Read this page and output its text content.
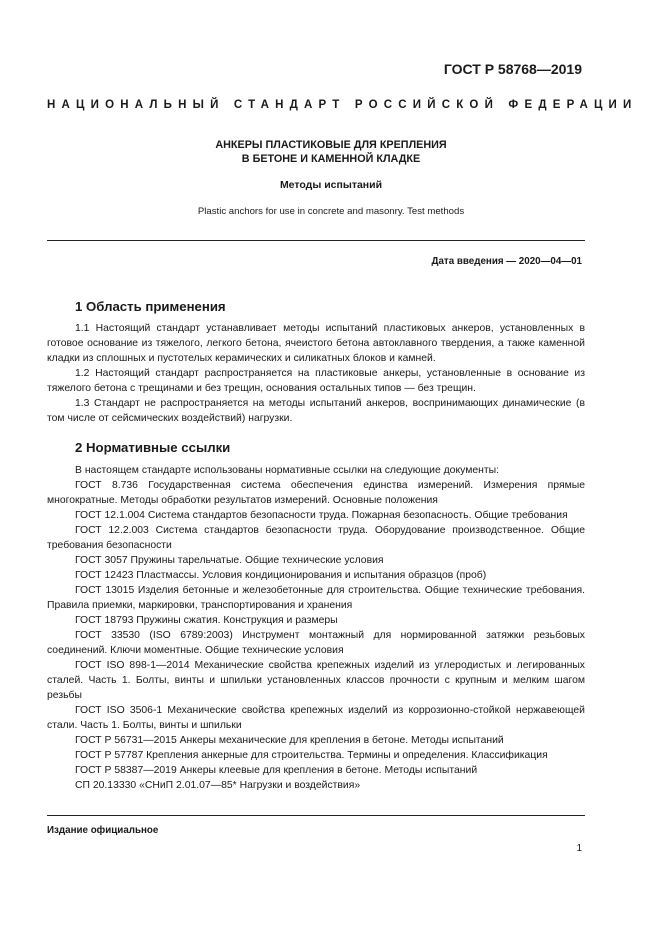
ГОСТ Р 58768—2019
НАЦИОНАЛЬНЫЙ СТАНДАРТ РОССИЙСКОЙ ФЕДЕРАЦИИ
АНКЕРЫ ПЛАСТИКОВЫЕ ДЛЯ КРЕПЛЕНИЯ
В БЕТОНЕ И КАМЕННОЙ КЛАДКЕ
Методы испытаний
Plastic anchors for use in concrete and masonry. Test methods
Дата введения — 2020—04—01
1 Область применения

1.1 Настоящий стандарт устанавливает методы испытаний пластиковых анкеров, установленных в готовое основание из тяжелого, легкого бетона, ячеистого бетона автоклавного твердения, а также каменной кладки из сплошных и пустотелых керамических и силикатных блоков и камней.

1.2 Настоящий стандарт распространяется на пластиковые анкеры, установленные в основание из тяжелого бетона с трещинами и без трещин, основания остальных типов — без трещин.

1.3 Стандарт не распространяется на методы испытаний анкеров, воспринимающих динамические (в том числе от сейсмических воздействий) нагрузки.

2 Нормативные ссылки

В настоящем стандарте использованы нормативные ссылки на следующие документы:

ГОСТ 8.736 Государственная система обеспечения единства измерений. Измерения прямые многократные. Методы обработки результатов измерений. Основные положения

ГОСТ 12.1.004 Система стандартов безопасности труда. Пожарная безопасность. Общие требования

ГОСТ 12.2.003 Система стандартов безопасности труда. Оборудование производственное. Общие требования безопасности

ГОСТ 3057 Пружины тарельчатые. Общие технические условия

ГОСТ 12423 Пластмассы. Условия кондиционирования и испытания образцов (проб)

ГОСТ 13015 Изделия бетонные и железобетонные для строительства. Общие технические требования. Правила приемки, маркировки, транспортирования и хранения

ГОСТ 18793 Пружины сжатия. Конструкция и размеры

ГОСТ 33530 (ISO 6789:2003) Инструмент монтажный для нормированной затяжки резьбовых соединений. Ключи моментные. Общие технические условия

ГОСТ ISO 898-1—2014 Механические свойства крепежных изделий из углеродистых и легированных сталей. Часть 1. Болты, винты и шпильки установленных классов прочности с крупным и мелким шагом резьбы

ГОСТ ISO 3506-1 Механические свойства крепежных изделий из коррозионно-стойкой нержавеющей стали. Часть 1. Болты, винты и шпильки

ГОСТ Р 56731—2015 Анкеры механические для крепления в бетоне. Методы испытаний

ГОСТ Р 57787 Крепления анкерные для строительства. Термины и определения. Классификация

ГОСТ Р 58387—2019 Анкеры клеевые для крепления в бетоне. Методы испытаний

СП 20.13330 «СНиП 2.01.07—85* Нагрузки и воздействия»

Издание официальное
1
